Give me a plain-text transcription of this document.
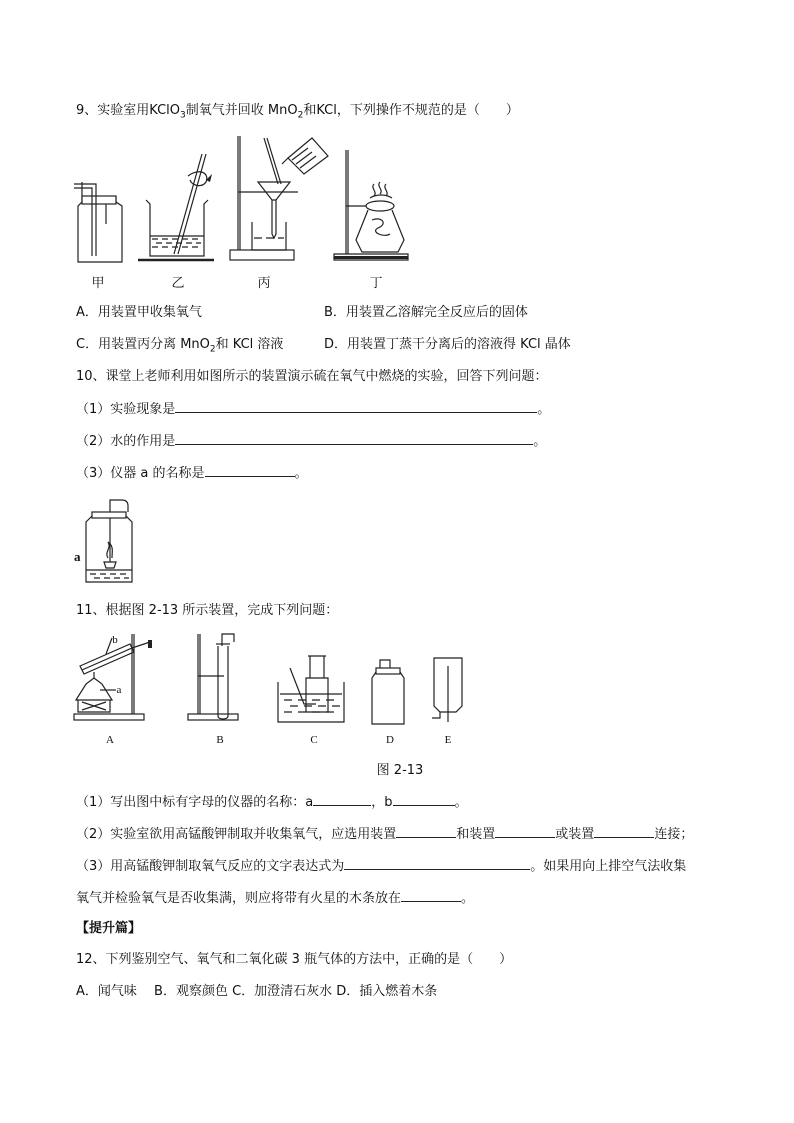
9、实验室用KClO$_3$制氧气并回收 MnO$_2$和KCl，下列操作不规范的是（　　）
甲	乙	丙	丁
A．用装置甲收集氧气	B．用装置乙溶解完全反应后的固体
C．用装置丙分离 MnO$_2$和 KCl 溶液	D．用装置丁蒸干分离后的溶液得 KCl 晶体
10、课堂上老师利用如图所示的装置演示硫在氧气中燃烧的实验，回答下列问题：
（1）实验现象是	。
（2）水的作用是	。
（3）仪器 a 的名称是	。
a
11、根据图 2-13 所示装置，完成下列问题：
b
a
A	B	C	D	E
图 2-13
（1）写出图中标有字母的仪器的名称：a	，b	。
（2）实验室欲用高锰酸钾制取并收集氧气，应选用装置	和装置	或装置	连接；
（3）用高锰酸钾制取氧气反应的文字表达式为	。如果用向上排空气法收集
氧气并检验氧气是否收集满，则应将带有火星的木条放在	。
【提升篇】
12、下列鉴别空气、氧气和二氧化碳 3 瓶气体的方法中，正确的是（　　）
A．闻气味　 B．观察颜色 C．加澄清石灰水 D．插入燃着木条
